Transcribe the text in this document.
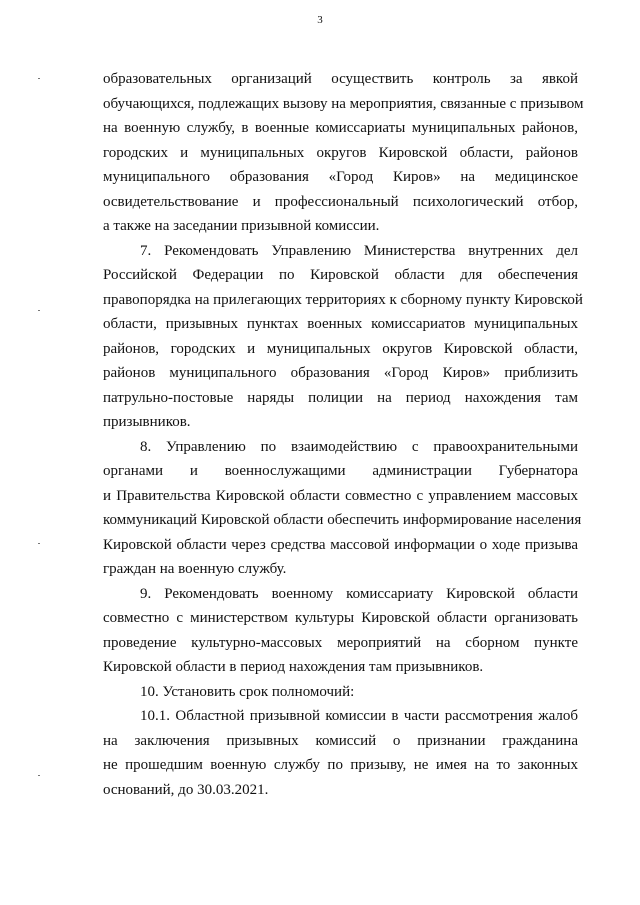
3
образовательных организаций осуществить контроль за явкой
обучающихся, подлежащих вызову на мероприятия, связанные с призывом
на военную службу, в военные комиссариаты муниципальных районов,
городских и муниципальных округов Кировской области, районов
муниципального образования «Город Киров» на медицинское
освидетельствование и профессиональный психологический отбор,
а также на заседании призывной комиссии.
7. Рекомендовать Управлению Министерства внутренних дел
Российской Федерации по Кировской области для обеспечения
правопорядка на прилегающих территориях к сборному пункту Кировской
области, призывных пунктах военных комиссариатов муниципальных
районов, городских и муниципальных округов Кировской области,
районов муниципального образования «Город Киров» приблизить
патрульно-постовые наряды полиции на период нахождения там
призывников.
8. Управлению по взаимодействию с правоохранительными
органами и военнослужащими администрации Губернатора
и Правительства Кировской области совместно с управлением массовых
коммуникаций Кировской области обеспечить информирование населения
Кировской области через средства массовой информации о ходе призыва
граждан на военную службу.
9. Рекомендовать военному комиссариату Кировской области
совместно с министерством культуры Кировской области организовать
проведение культурно-массовых мероприятий на сборном пункте
Кировской области в период нахождения там призывников.
10. Установить срок полномочий:
10.1. Областной призывной комиссии в части рассмотрения жалоб
на заключения призывных комиссий о признании гражданина
не прошедшим военную службу по призыву, не имея на то законных
оснований, до 30.03.2021.
